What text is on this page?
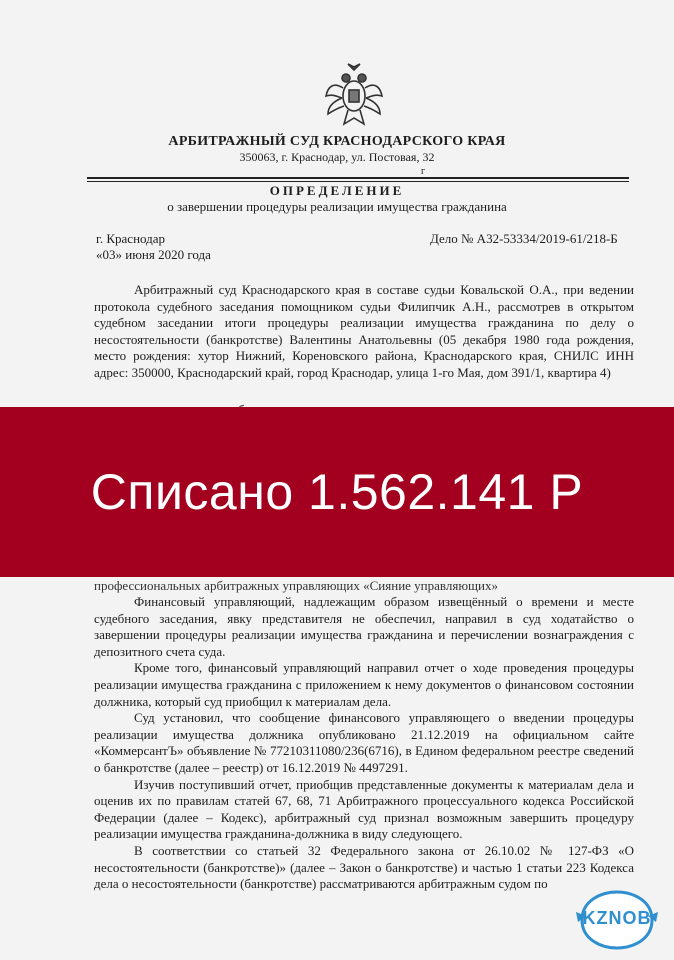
АРБИТРАЖНЫЙ СУД КРАСНОДАРСКОГО КРАЯ
350063, г. Краснодар, ул. Постовая, 32
г
ОПРЕДЕЛЕНИЕ
о завершении процедуры реализации имущества гражданина
г. Краснодар	Дело № А32-53334/2019-61/218-Б
«03» июня 2020 года

Арбитражный суд Краснодарского края в составе судьи Ковальской О.А., при ведении протокола судебного заседания помощником судьи Филипчик А.Н., рассмотрев в открытом судебном заседании итоги процедуры реализации имущества гражданина по делу о несостоятельности (банкротстве) Валентины Анатольевны (05 декабря 1980 года рождения, место рождения: хутор Нижний, Кореновского района, Краснодарского края, СНИЛС ИНН адрес: 350000, Краснодарский край, город Краснодар, улица 1-го Мая, дом 391/1, квартира 4)

профессиональных арбитражных управляющих «Сияние управляющих»

Финансовый управляющий, надлежащим образом извещённый о времени и месте судебного заседания, явку представителя не обеспечил, направил в суд ходатайство о завершении процедуры реализации имущества гражданина и перечислении вознаграждения с депозитного счета суда.

Кроме того, финансовый управляющий направил отчет о ходе проведения процедуры реализации имущества гражданина с приложением к нему документов о финансовом состоянии должника, который суд приобщил к материалам дела.

Суд установил, что сообщение финансового управляющего о введении процедуры реализации имущества должника опубликовано 21.12.2019 на официальном сайте «КоммерсантЪ» объявление № 77210311080/236(6716), в Едином федеральном реестре сведений о банкротстве (далее – реестр) от 16.12.2019 № 4497291.

Изучив поступивший отчет, приобщив представленные документы к материалам дела и оценив их по правилам статей 67, 68, 71 Арбитражного процессуального кодекса Российской Федерации (далее – Кодекс), арбитражный суд признал возможным завершить процедуру реализации имущества гражданина-должника в виду следующего.

В соответствии со статьей 32 Федерального закона от 26.10.02 № 127-ФЗ «О несостоятельности (банкротстве)» (далее – Закон о банкротстве) и частью 1 статьи 223 Кодекса дела о несостоятельности (банкротстве) рассматриваются арбитражным судом по

Списано 1.562.141 Р
KZNOB
